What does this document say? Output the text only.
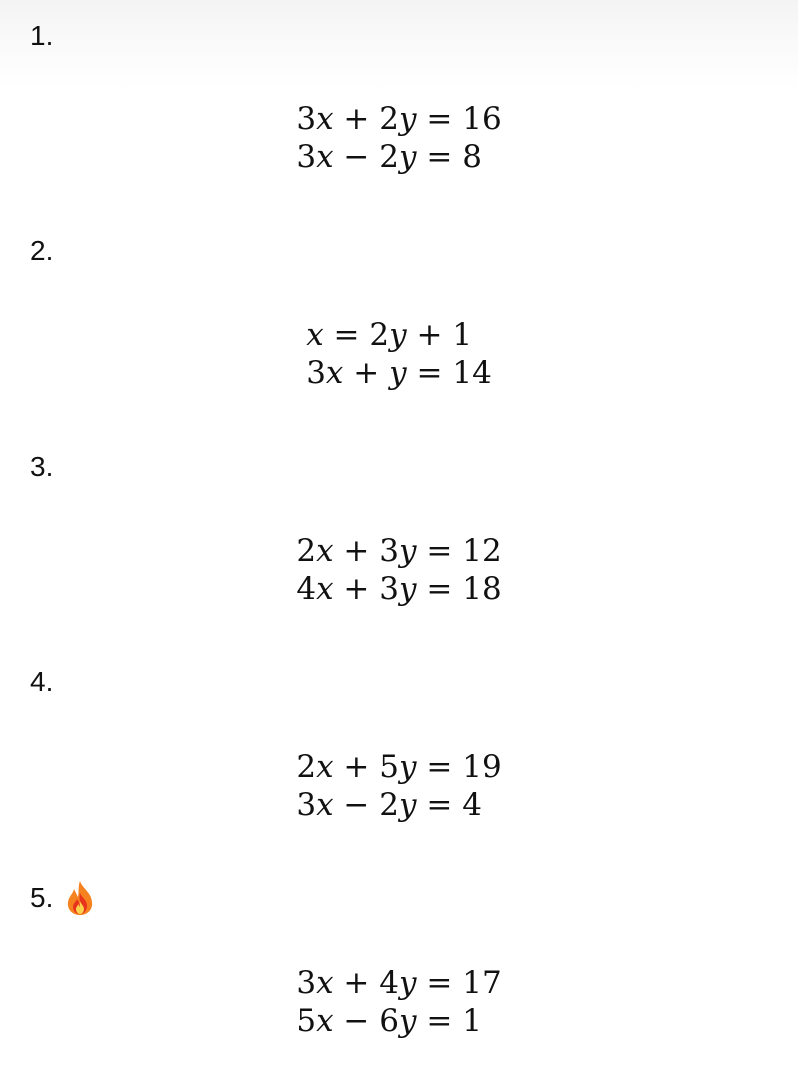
1.
3x + 2y = 16
3x − 2y = 8
2.
x = 2y + 1
3x + y = 14
3.
2x + 3y = 12
4x + 3y = 18
4.
2x + 5y = 19
3x − 2y = 4
5.
3x + 4y = 17
5x − 6y = 1
